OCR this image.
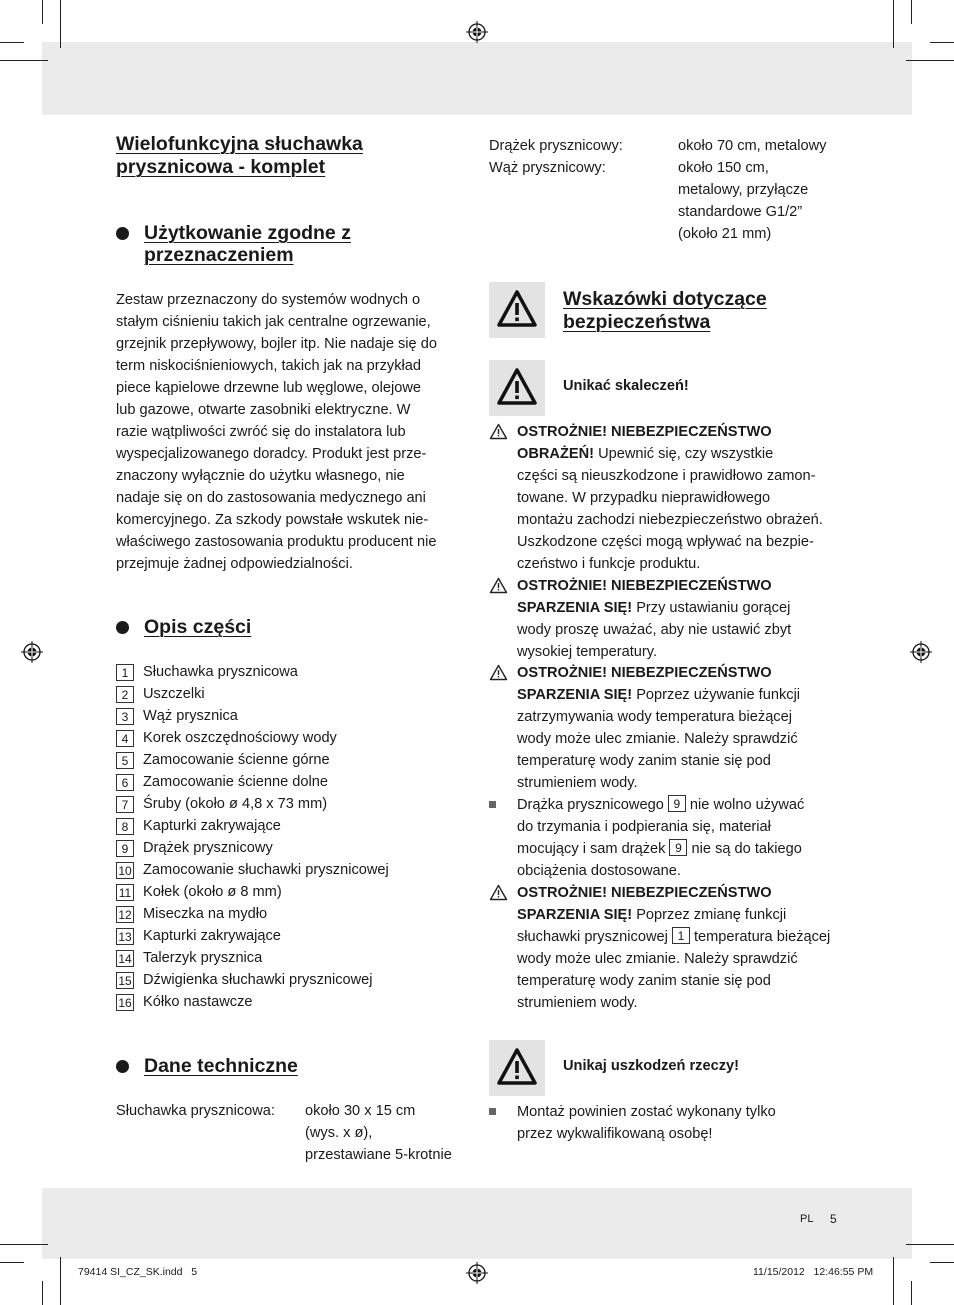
Wielofunkcyjna słuchawka
prysznicowa - komplet
Użytkowanie zgodne z
przeznaczeniem
Zestaw przeznaczony do systemów wodnych o
stałym ciśnieniu takich jak centralne ogrzewanie,
grzejnik przepływowy, bojler itp. Nie nadaje się do
term niskociśnieniowych, takich jak na przykład
piece kąpielowe drzewne lub węglowe, olejowe
lub gazowe, otwarte zasobniki elektryczne. W
razie wątpliwości zwróć się do instalatora lub
wyspecjalizowanego doradcy. Produkt jest prze-
znaczony wyłącznie do użytku własnego, nie
nadaje się on do zastosowania medycznego ani
komercyjnego. Za szkody powstałe wskutek nie-
właściwego zastosowania produktu producent nie
przejmuje żadnej odpowiedzialności.
Opis części
1	Słuchawka prysznicowa
2	Uszczelki
3	Wąż prysznica
4	Korek oszczędnościowy wody
5	Zamocowanie ścienne górne
6	Zamocowanie ścienne dolne
7	Śruby (około ø 4,8 x 73 mm)
8	Kapturki zakrywające
9	Drążek prysznicowy
10 Zamocowanie słuchawki prysznicowej
11 Kołek (około ø 8 mm)
12 Miseczka na mydło
13 Kapturki zakrywające
14 Talerzyk prysznica
15 Dźwigienka słuchawki prysznicowej
16 Kółko nastawcze
Dane techniczne
Słuchawka prysznicowa: około 30 x 15 cm
(wys. x ø),
przestawiane 5-krotnie
Drążek prysznicowy:	około 70 cm, metalowy
Wąż prysznicowy:	około 150 cm,
metalowy, przyłącze
standardowe G1/2”
(około 21 mm)
Wskazówki dotyczące
bezpieczeństwa
Unikać skaleczeń!
OSTROŻNIE! NIEBEZPIECZEŃSTWO
OBRAŻEŃ! Upewnić się, czy wszystkie
części są nieuszkodzone i prawidłowo zamon-
towane. W przypadku nieprawidłowego
montażu zachodzi niebezpieczeństwo obrażeń.
Uszkodzone części mogą wpływać na bezpie-
czeństwo i funkcje produktu.
OSTROŻNIE! NIEBEZPIECZEŃSTWO
SPARZENIA SIĘ! Przy ustawianiu gorącej
wody proszę uważać, aby nie ustawić zbyt
wysokiej temperatury.
OSTROŻNIE! NIEBEZPIECZEŃSTWO
SPARZENIA SIĘ! Poprzez używanie funkcji
zatrzymywania wody temperatura bieżącej
wody może ulec zmianie. Należy sprawdzić
temperaturę wody zanim stanie się pod
strumieniem wody.
Drążka prysznicowego 9 nie wolno używać
do trzymania i podpierania się, materiał
mocujący i sam drążek 9 nie są do takiego
obciążenia dostosowane.
OSTROŻNIE! NIEBEZPIECZEŃSTWO
SPARZENIA SIĘ! Poprzez zmianę funkcji
słuchawki prysznicowej 1 temperatura bieżącej
wody może ulec zmianie. Należy sprawdzić
temperaturę wody zanim stanie się pod
strumieniem wody.
Unikaj uszkodzeń rzeczy!
Montaż powinien zostać wykonany tylko
przez wykwalifikowaną osobę!
PL 5
79414 SI_CZ_SK.indd   5	11/15/2012   12:46:55 PM
